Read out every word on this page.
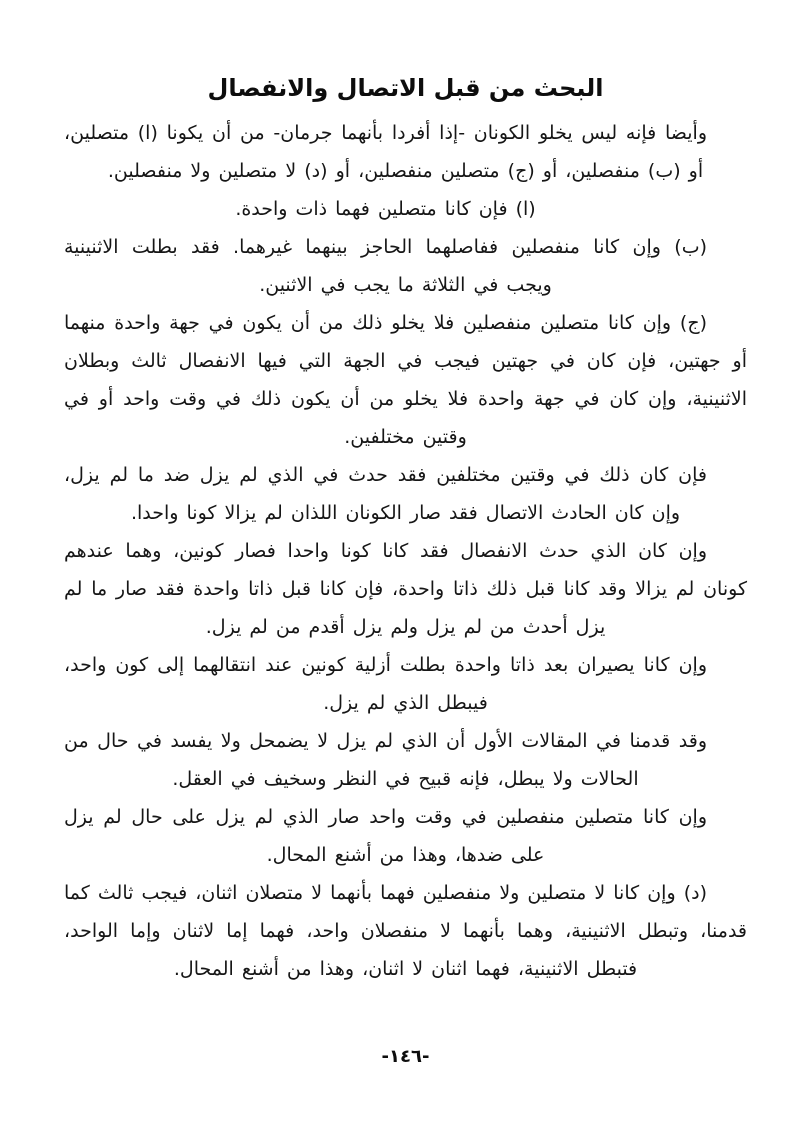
البحث من قبل الاتصال والانفصال

وأيضا فإنه ليس يخلو الكونان -إذا أفردا بأنهما جرمان- من أن يكونا (ا) متصلين، أو (ب) منفصلين، أو (ج) متصلين منفصلين، أو (د) لا متصلين ولا منفصلين.

(ا) فإن كانا متصلين فهما ذات واحدة.

(ب) وإن كانا منفصلين ففاصلهما الحاجز بينهما غيرهما. فقد بطلت الاثنينية ويجب في الثلاثة ما يجب في الاثنين.

(ج) وإن كانا متصلين منفصلين فلا يخلو ذلك من أن يكون في جهة واحدة منهما أو جهتين، فإن كان في جهتين فيجب في الجهة التي فيها الانفصال ثالث وبطلان الاثنينية، وإن كان في جهة واحدة فلا يخلو من أن يكون ذلك في وقت واحد أو في وقتين مختلفين.

فإن كان ذلك في وقتين مختلفين فقد حدث في الذي لم يزل ضد ما لم يزل، وإن كان الحادث الاتصال فقد صار الكونان اللذان لم يزالا كونا واحدا.

وإن كان الذي حدث الانفصال فقد كانا كونا واحدا فصار كونين، وهما عندهم كونان لم يزالا وقد كانا قبل ذلك ذاتا واحدة، فإن كانا قبل ذاتا واحدة فقد صار ما لم يزل أحدث من لم يزل ولم يزل أقدم من لم يزل.

وإن كانا يصيران بعد ذاتا واحدة بطلت أزلية كونين عند انتقالهما إلى كون واحد، فيبطل الذي لم يزل.

وقد قدمنا في المقالات الأول أن الذي لم يزل لا يضمحل ولا يفسد في حال من الحالات ولا يبطل، فإنه قبيح في النظر وسخيف في العقل.

وإن كانا متصلين منفصلين في وقت واحد صار الذي لم يزل على حال لم يزل على ضدها، وهذا من أشنع المحال.

(د) وإن كانا لا متصلين ولا منفصلين فهما بأنهما لا متصلان اثنان، فيجب ثالث كما قدمنا، وتبطل الاثنينية، وهما بأنهما لا منفصلان واحد، فهما إما لاثنان وإما الواحد، فتبطل الاثنينية، فهما اثنان لا اثنان، وهذا من أشنع المحال.

-١٤٦-
